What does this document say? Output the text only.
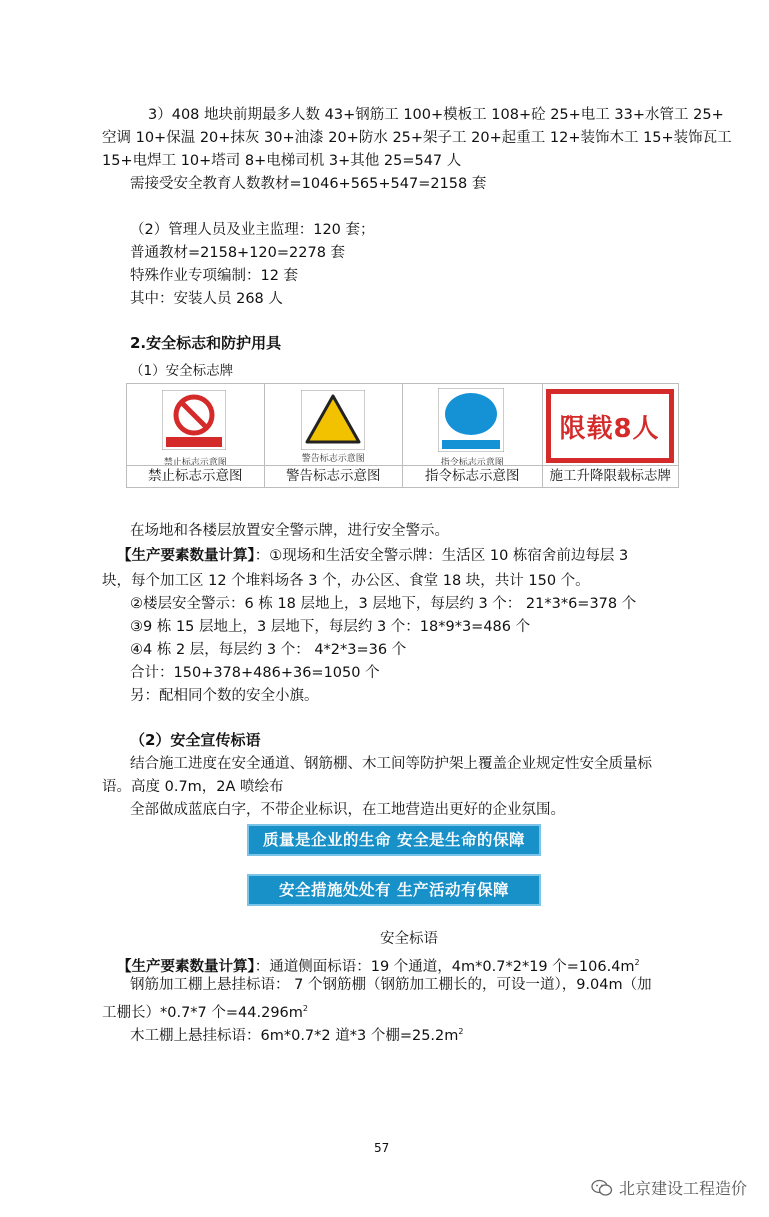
3）408 地块前期最多人数 43+钢筋工 100+模板工 108+砼 25+电工 33+水管工 25+
空调 10+保温 20+抹灰 30+油漆 20+防水 25+架子工 20+起重工 12+装饰木工 15+装饰瓦工
15+电焊工 10+塔司 8+电梯司机 3+其他 25=547 人
需接受安全教育人数教材=1046+565+547=2158 套
（2）管理人员及业主监理：120 套；
普通教材=2158+120=2278 套
特殊作业专项编制：12 套
其中：安装人员 268 人
2.安全标志和防护用具
（1）安全标志牌
禁止标志示意图
禁止标志示意图
警告标志示意图
警告标志示意图
指令标志示意图
指令标志示意图
限载8人
施工升降限载标志牌
在场地和各楼层放置安全警示牌，进行安全警示。
【生产要素数量计算】：①现场和生活安全警示牌：生活区 10 栋宿舍前边每层 3
块，每个加工区 12 个堆料场各 3 个，办公区、食堂 18 块，共计 150 个。
②楼层安全警示：6 栋 18 层地上，3 层地下，每层约 3 个： 21*3*6=378 个
③9 栋 15 层地上，3 层地下，每层约 3 个：18*9*3=486 个
④4 栋 2 层，每层约 3 个： 4*2*3=36 个
合计：150+378+486+36=1050 个
另：配相同个数的安全小旗。
（2）安全宣传标语
结合施工进度在安全通道、钢筋棚、木工间等防护架上覆盖企业规定性安全质量标
语。高度 0.7m，2A 喷绘布
全部做成蓝底白字，不带企业标识，在工地营造出更好的企业氛围。
质量是企业的生命 安全是生命的保障
安全措施处处有 生产活动有保障
安全标语
【生产要素数量计算】：通道侧面标语：19 个通道，4m*0.7*2*19 个$=106.4m^2$
钢筋加工棚上悬挂标语： 7 个钢筋棚（钢筋加工棚长的，可设一道），9.04m（加
工棚长）*0.7*7 个$=44.296m^2$
木工棚上悬挂标语：6m*0.7*2 道*3 个棚$=25.2m^2$
57
北京建设工程造价
